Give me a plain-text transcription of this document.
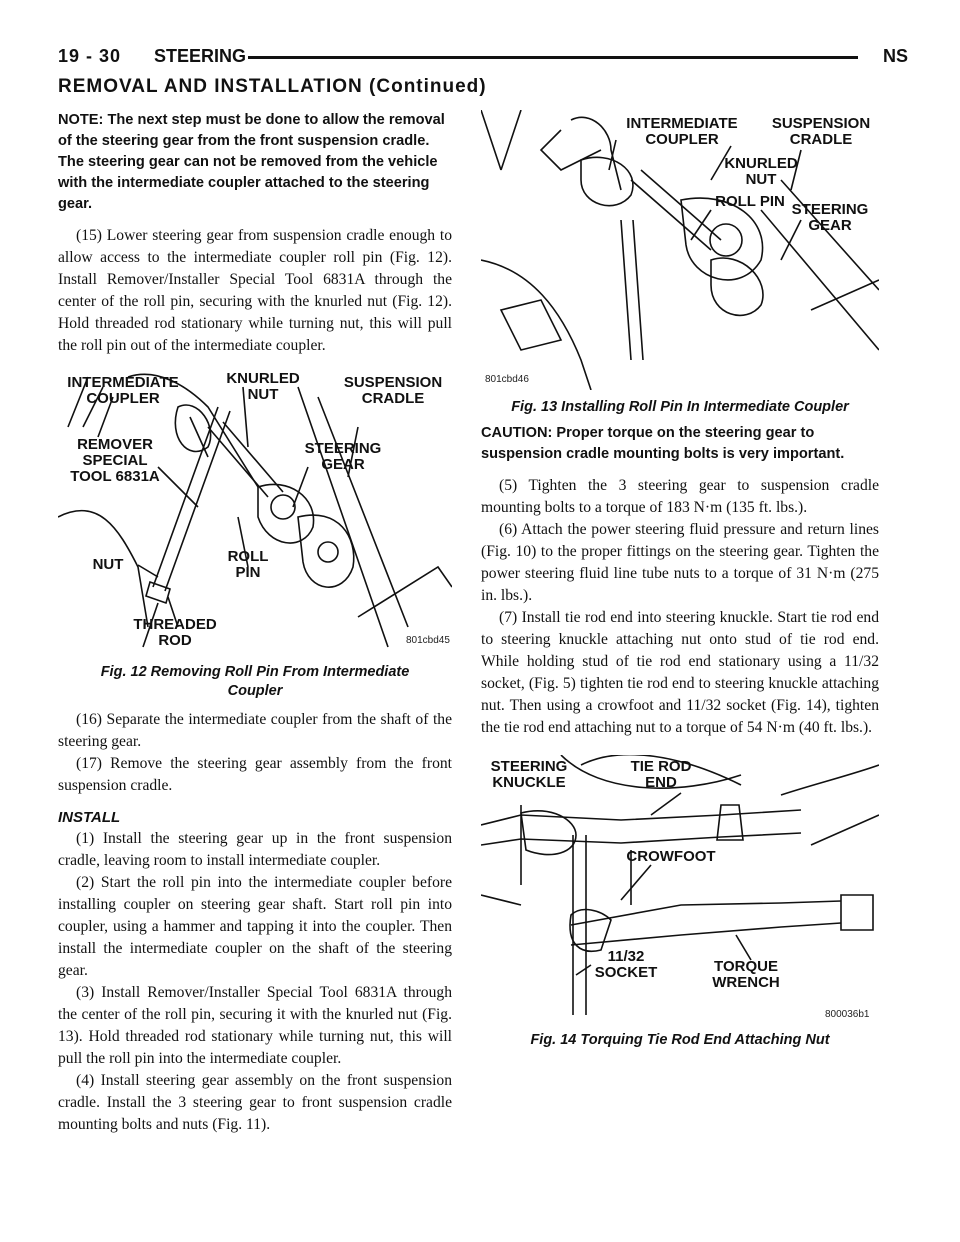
19 - 30 STEERING	NS
REMOVAL AND INSTALLATION (Continued)

NOTE: The next step must be done to allow the removal of the steering gear from the front suspension cradle. The steering gear can not be removed from the vehicle with the intermediate coupler attached to the steering gear.

(15) Lower steering gear from suspension cradle enough to allow access to the intermediate coupler roll pin (Fig. 12). Install Remover/Installer Special Tool 6831A through the center of the roll pin, securing with the knurled nut (Fig. 12). Hold threaded rod stationary while turning nut, this will pull the roll pin out of the intermediate coupler.

INTERMEDIATE
COUPLER
KNURLED
NUT
SUSPENSION
CRADLE
REMOVER
SPECIAL
TOOL 6831A
STEERING
GEAR
NUT	ROLL
PIN
THREADED
ROD	801cbd45
Fig. 12 Removing Roll Pin From Intermediate Coupler

(16) Separate the intermediate coupler from the shaft of the steering gear.

(17) Remove the steering gear assembly from the front suspension cradle.

INSTALL

(1) Install the steering gear up in the front suspension cradle, leaving room to install intermediate coupler.

(2) Start the roll pin into the intermediate coupler before installing coupler on steering gear shaft. Start roll pin into coupler, using a hammer and tapping it into the coupler. Then install the intermediate coupler on the shaft of the steering gear.

(3) Install Remover/Installer Special Tool 6831A through the center of the roll pin, securing it with the knurled nut (Fig. 13). Hold threaded rod stationary while turning nut, this will pull the roll pin into the intermediate coupler.

(4) Install steering gear assembly on the front suspension cradle. Install the 3 steering gear to front suspension cradle mounting bolts and nuts (Fig. 11).

INTERMEDIATE
COUPLER
SUSPENSION
CRADLE
KNURLED
NUT
ROLL PIN STEERING
GEAR
801cbd46
Fig. 13 Installing Roll Pin In Intermediate Coupler

CAUTION: Proper torque on the steering gear to suspension cradle mounting bolts is very important.

(5) Tighten the 3 steering gear to suspension cradle mounting bolts to a torque of 183 N·m (135 ft. lbs.).

(6) Attach the power steering fluid pressure and return lines (Fig. 10) to the proper fittings on the steering gear. Tighten the power steering fluid line tube nuts to a torque of 31 N·m (275 in. lbs.).

(7) Install tie rod end into steering knuckle. Start tie rod end to steering knuckle attaching nut onto stud of tie rod end. While holding stud of tie rod end stationary using a 11/32 socket, (Fig. 5) tighten tie rod end to steering knuckle attaching nut. Then using a crowfoot and 11/32 socket (Fig. 14), tighten the tie rod end attaching nut to a torque of 54 N·m (40 ft. lbs.).

STEERING
KNUCKLE
TIE ROD
END
CROWFOOT
11/32
SOCKET	TORQUE
WRENCH
800036b1
Fig. 14 Torquing Tie Rod End Attaching Nut
